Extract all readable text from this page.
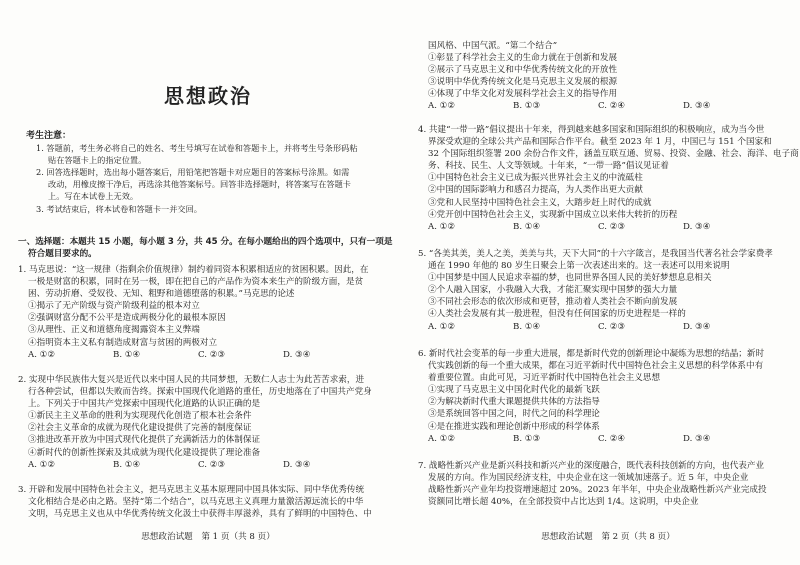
思想政治
考生注意：
1. 答题前，考生务必将自己的姓名、考生号填写在试卷和答题卡上，并将考生号条形码粘
贴在答题卡上的指定位置。
2. 回答选择题时，选出每小题答案后，用铅笔把答题卡对应题目的答案标号涂黑。如需
改动，用橡皮擦干净后，再选涂其他答案标号。回答非选择题时，将答案写在答题卡
上。写在本试卷上无效。
3. 考试结束后，将本试卷和答题卡一并交回。
一、选择题：本题共 15 小题，每小题 3 分，共 45 分。在每小题给出的四个选项中，只有一项是
符合题目要求的。
1. 马克思说：“这一规律（指剩余价值规律）制约着同资本积累相适应的贫困积累。因此，在
一极是财富的积累，同时在另一极，即在把自己的产品作为资本来生产的阶级方面，是贫
困、劳动折磨、受奴役、无知、粗野和道德堕落的积累。”马克思的论述
①揭示了无产阶级与资产阶级利益的根本对立
②强调财富分配不公平是造成两极分化的最根本原因
③从理性、正义和道德角度揭露资本主义弊端
④指明资本主义私有制造成财富与贫困的两极对立
A. ①②	B. ①④	C. ②③	D. ③④
2. 实现中华民族伟大复兴是近代以来中国人民的共同梦想，无数仁人志士为此苦苦求索，进
行各种尝试，但都以失败而告终。探索中国现代化道路的重任，历史地落在了中国共产党身
上。下列关于中国共产党探索中国现代化道路的认识正确的是
①新民主主义革命的胜利为实现现代化创造了根本社会条件
②社会主义革命的成就为现代化建设提供了完善的制度保证
③推进改革开放为中国式现代化提供了充满新活力的体制保证
④新时代的创新性探索及其成就为现代化建设提供了理论准备
A. ①②	B. ①④	C. ②③	D. ③④
3. 开辟和发展中国特色社会主义，把马克思主义基本原理同中国具体实际、同中华优秀传统
文化相结合是必由之路。坚持“第二个结合”，以马克思主义真理力量激活源远流长的中华
文明，马克思主义也从中华优秀传统文化汲土中获得丰厚滋养，具有了鲜明的中国特色、中
思想政治试题　第 1 页（共 8 页）
国风格、中国气派。“第二个结合”
①彰显了科学社会主义的生命力就在于创新和发展
②展示了马克思主义和中华优秀传统文化的开放性
③说明中华优秀传统文化是马克思主义发展的根源
④体现了中华文化对发展科学社会主义的指导作用
A. ①②	B. ①③	C. ②④	D. ③④
4. 共建“一带一路”倡议提出十年来，得到越来越多国家和国际组织的积极响应，成为当今世
界深受欢迎的全球公共产品和国际合作平台。截至 2023 年 1 月，中国已与 151 个国家和
32 个国际组织签署 200 余份合作文件，涵盖互联互通、贸易、投资、金融、社会、海洋、电子商
务、科技、民生、人文等领域。十年来，“一带一路”倡议见证着
①中国特色社会主义已成为振兴世界社会主义的中流砥柱
②中国的国际影响力和感召力提高，为人类作出更大贡献
③党和人民坚持中国特色社会主义，大踏步赶上时代的成就
④党开创中国特色社会主义，实现新中国成立以来伟大转折的历程
A. ①②	B. ①④	C. ②③	D. ③④
5. “各美其美，美人之美，美美与共，天下大同”的十六字箴言，是我国当代著名社会学家费孝
通在 1990 年他的 80 岁生日聚会上第一次表述出来的。这一表述可以用来说明
①中国梦是中国人民追求幸福的梦，也同世界各国人民的美好梦想息息相关
②个人融入国家，小我融入大我，才能汇聚实现中国梦的强大力量
③不同社会形态的依次形成和更替，推动着人类社会不断向前发展
④人类社会发展有其一般进程，但没有任何国家的历史进程是一样的
A. ①②	B. ①④	C. ②③	D. ③④
6. 新时代社会变革的每一步重大进展，都是新时代党的创新理论中凝炼为思想的结晶；新时
代实践创新的每一个重大成果，都在习近平新时代中国特色社会主义思想的科学体系中有
着重要位置。由此可见，习近平新时代中国特色社会主义思想
①实现了马克思主义中国化时代化的最新飞跃
②为解决新时代重大课题提供共体的方法指导
③是系统回答中国之问，时代之问的科学理论
④是在推进实践和理论创新中形成的科学体系
A. ①②	B. ①③	C. ②④	D. ③④
7. 战略性新兴产业是新兴科技和新兴产业的深度融合，既代表科技创新的方向，也代表产业
发展的方向。作为国民经济支柱，中央企业在这一领域加速落子。近 5 年，中央企业
战略性新兴产业年均投资增速超过 20%。2023 年半年，中央企业战略性新兴产业完成投
资额同比增长超 40%，在全部投资中占比达到 1/4。这说明，中央企业
思想政治试题　第 2 页（共 8 页）
